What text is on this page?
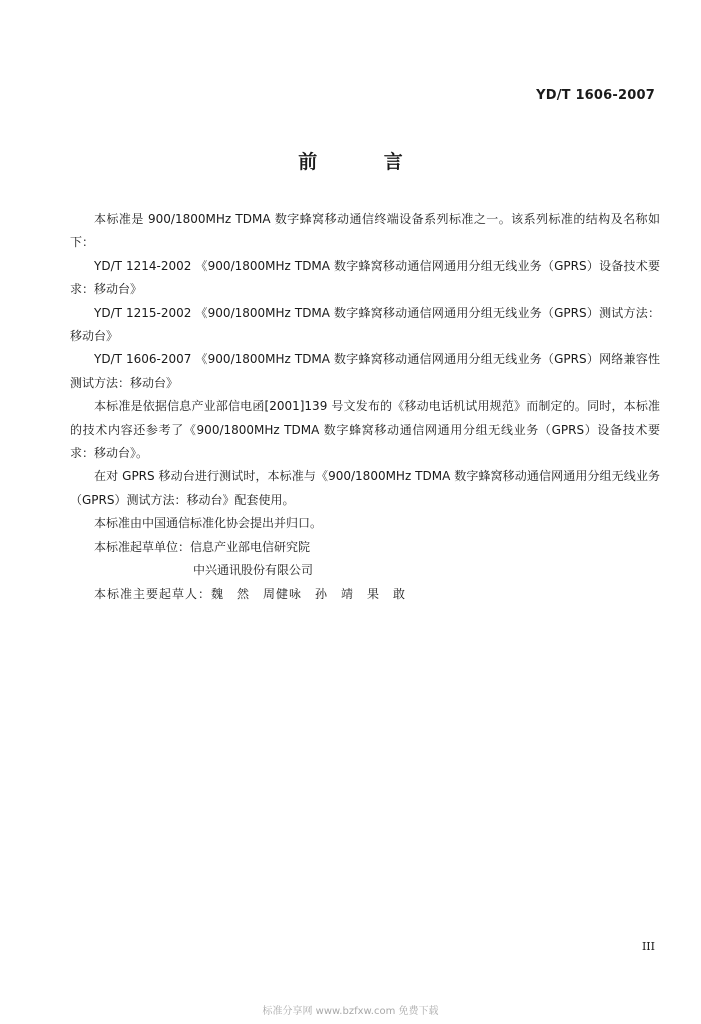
YD/T 1606-2007
前 言

本标准是 900/1800MHz TDMA 数字蜂窝移动通信终端设备系列标准之一。该系列标准的结构及名称如下：

YD/T 1214-2002 《900/1800MHz TDMA 数字蜂窝移动通信网通用分组无线业务（GPRS）设备技术要求：移动台》

YD/T 1215-2002 《900/1800MHz TDMA 数字蜂窝移动通信网通用分组无线业务（GPRS）测试方法：移动台》

YD/T 1606-2007 《900/1800MHz TDMA 数字蜂窝移动通信网通用分组无线业务（GPRS）网络兼容性测试方法：移动台》

本标准是依据信息产业部信电函[2001]139 号文发布的《移动电话机试用规范》而制定的。同时，本标准的技术内容还参考了《900/1800MHz TDMA 数字蜂窝移动通信网通用分组无线业务（GPRS）设备技术要求：移动台》。

在对 GPRS 移动台进行测试时，本标准与《900/1800MHz TDMA 数字蜂窝移动通信网通用分组无线业务（GPRS）测试方法：移动台》配套使用。

本标准由中国通信标准化协会提出并归口。

本标准起草单位：信息产业部电信研究院

中兴通讯股份有限公司

本标准主要起草人：魏　然　周健咏　孙　靖　果　敢

III
标准分享网 www.bzfxw.com 免费下载
